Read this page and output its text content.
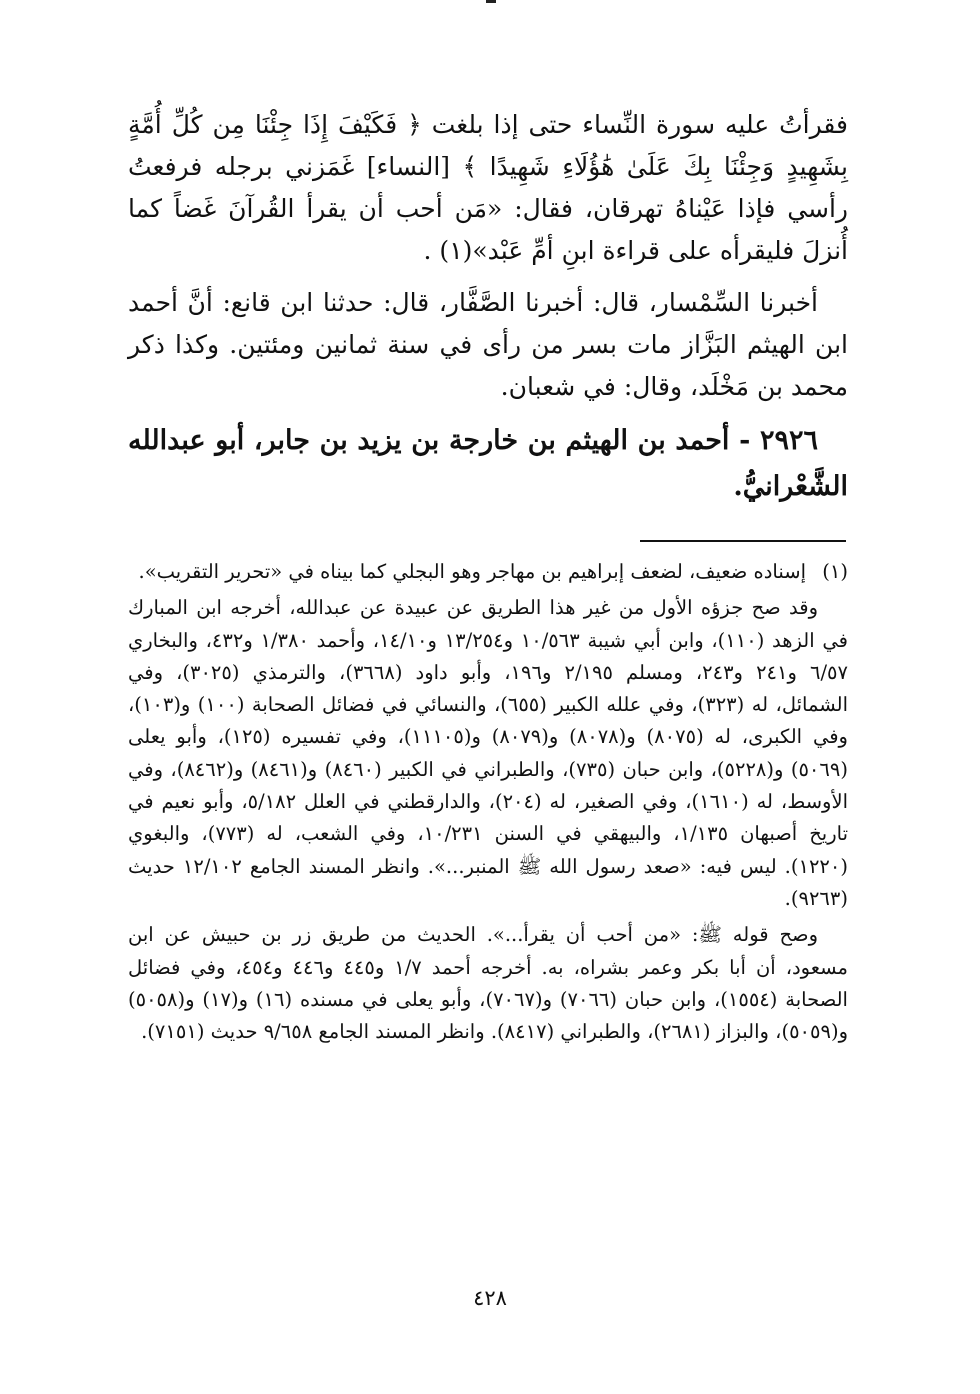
فقرأتُ عليه سورة النِّساء حتى إذا بلغت ﴿ فَكَيْفَ إِذَا جِئْنَا مِن كُلِّ أُمَّةٍ بِشَهِيدٍ وَجِئْنَا بِكَ عَلَىٰ هَٰؤُلَاءِ شَهِيدًا ﴾ [النساء] غَمَزني برجله فرفعتُ رأسي فإذا عَيْناهُ تهرقان، فقال: «مَن أحب أن يقرأ القُرآنَ غَضاً كما أُنزلَ فليقرأه على قراءة ابنِ أمِّ عَبْد»(١) .

أخبرنا السِّمْسار، قال: أخبرنا الصَّفَّار، قال: حدثنا ابن قانع: أنَّ أحمد ابن الهيثم البَزَّاز مات بسر من رأى في سنة ثمانين ومئتين. وكذا ذكر محمد بن مَخْلَد، وقال: في شعبان.

٢٩٢٦ - أحمد بن الهيثم بن خارجة بن يزيد بن جابر، أبو عبدالله الشَّعْرانيُّ.

(١)
إسناده ضعيف، لضعف إبراهيم بن مهاجر وهو البجلي كما بيناه في «تحرير التقريب».

وقد صح جزؤه الأول من غير هذا الطريق عن عبيدة عن عبدالله، أخرجه ابن المبارك في الزهد (١١٠)، وابن أبي شيبة ١٠/٥٦٣ و١٣/٢٥٤ و١٤/١٠، وأحمد ١/٣٨٠ و٤٣٢، والبخاري ٦/٥٧ و٢٤١ و٢٤٣، ومسلم ٢/١٩٥ و١٩٦، وأبو داود (٣٦٦٨)، والترمذي (٣٠٢٥)، وفي الشمائل، له (٣٢٣)، وفي علله الكبير (٦٥٥)، والنسائي في فضائل الصحابة (١٠٠) و(١٠٣)، وفي الكبرى، له (٨٠٧٥) و(٨٠٧٨) و(٨٠٧٩) و(١١١٠٥)، وفي تفسيره (١٢٥)، وأبو يعلى (٥٠٦٩) و(٥٢٢٨)، وابن حبان (٧٣٥)، والطبراني في الكبير (٨٤٦٠) و(٨٤٦١) و(٨٤٦٢)، وفي الأوسط، له (١٦١٠)، وفي الصغير، له (٢٠٤)، والدارقطني في العلل ٥/١٨٢، وأبو نعيم في تاريخ أصبهان ١/١٣٥، والبيهقي في السنن ١٠/٢٣١، وفي الشعب، له (٧٧٣)، والبغوي (١٢٢٠). ليس فيه: «صعد رسول الله ﷺ المنبر...». وانظر المسند الجامع ١٢/١٠٢ حديث (٩٢٦٣).

وصح قوله ﷺ: «من أحب أن يقرأ...». الحديث من طريق زر بن حبيش عن ابن مسعود، أن أبا بكر وعمر بشراه، به. أخرجه أحمد ١/٧ و٤٤٥ و٤٤٦ و٤٥٤، وفي فضائل الصحابة (١٥٥٤)، وابن حبان (٧٠٦٦) و(٧٠٦٧)، وأبو يعلى في مسنده (١٦) و(١٧) و(٥٠٥٨) و(٥٠٥٩)، والبزاز (٢٦٨١)، والطبراني (٨٤١٧). وانظر المسند الجامع ٩/٦٥٨ حديث (٧١٥١).

٤٢٨
